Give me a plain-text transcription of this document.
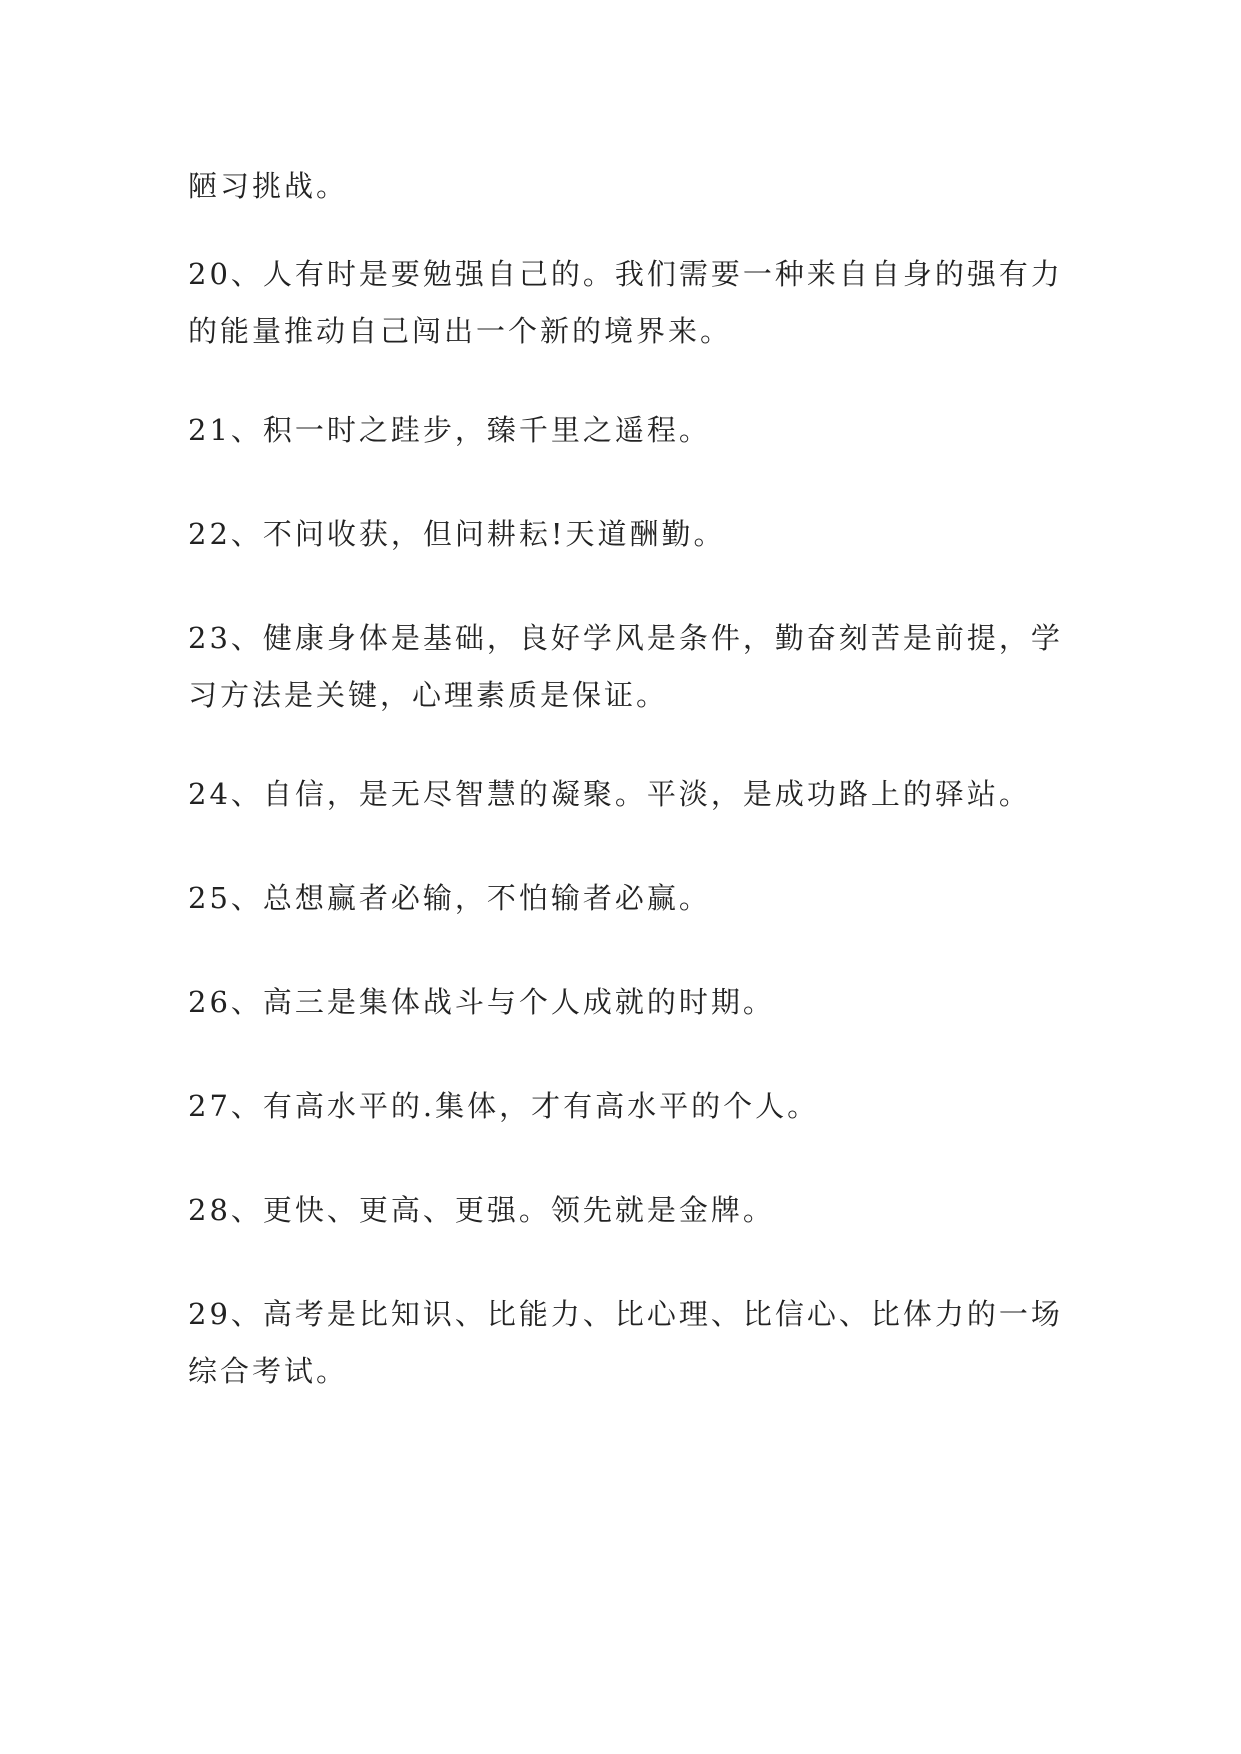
陋习挑战。

20、人有时是要勉强自己的。我们需要一种来自自身的强有力的能量推动自己闯出一个新的境界来。

21、积一时之跬步，臻千里之遥程。

22、不问收获，但问耕耘!天道酬勤。

23、健康身体是基础，良好学风是条件，勤奋刻苦是前提，学习方法是关键，心理素质是保证。

24、自信，是无尽智慧的凝聚。平淡，是成功路上的驿站。

25、总想赢者必输，不怕输者必赢。

26、高三是集体战斗与个人成就的时期。

27、有高水平的.集体，才有高水平的个人。

28、更快、更高、更强。领先就是金牌。

29、高考是比知识、比能力、比心理、比信心、比体力的一场综合考试。
